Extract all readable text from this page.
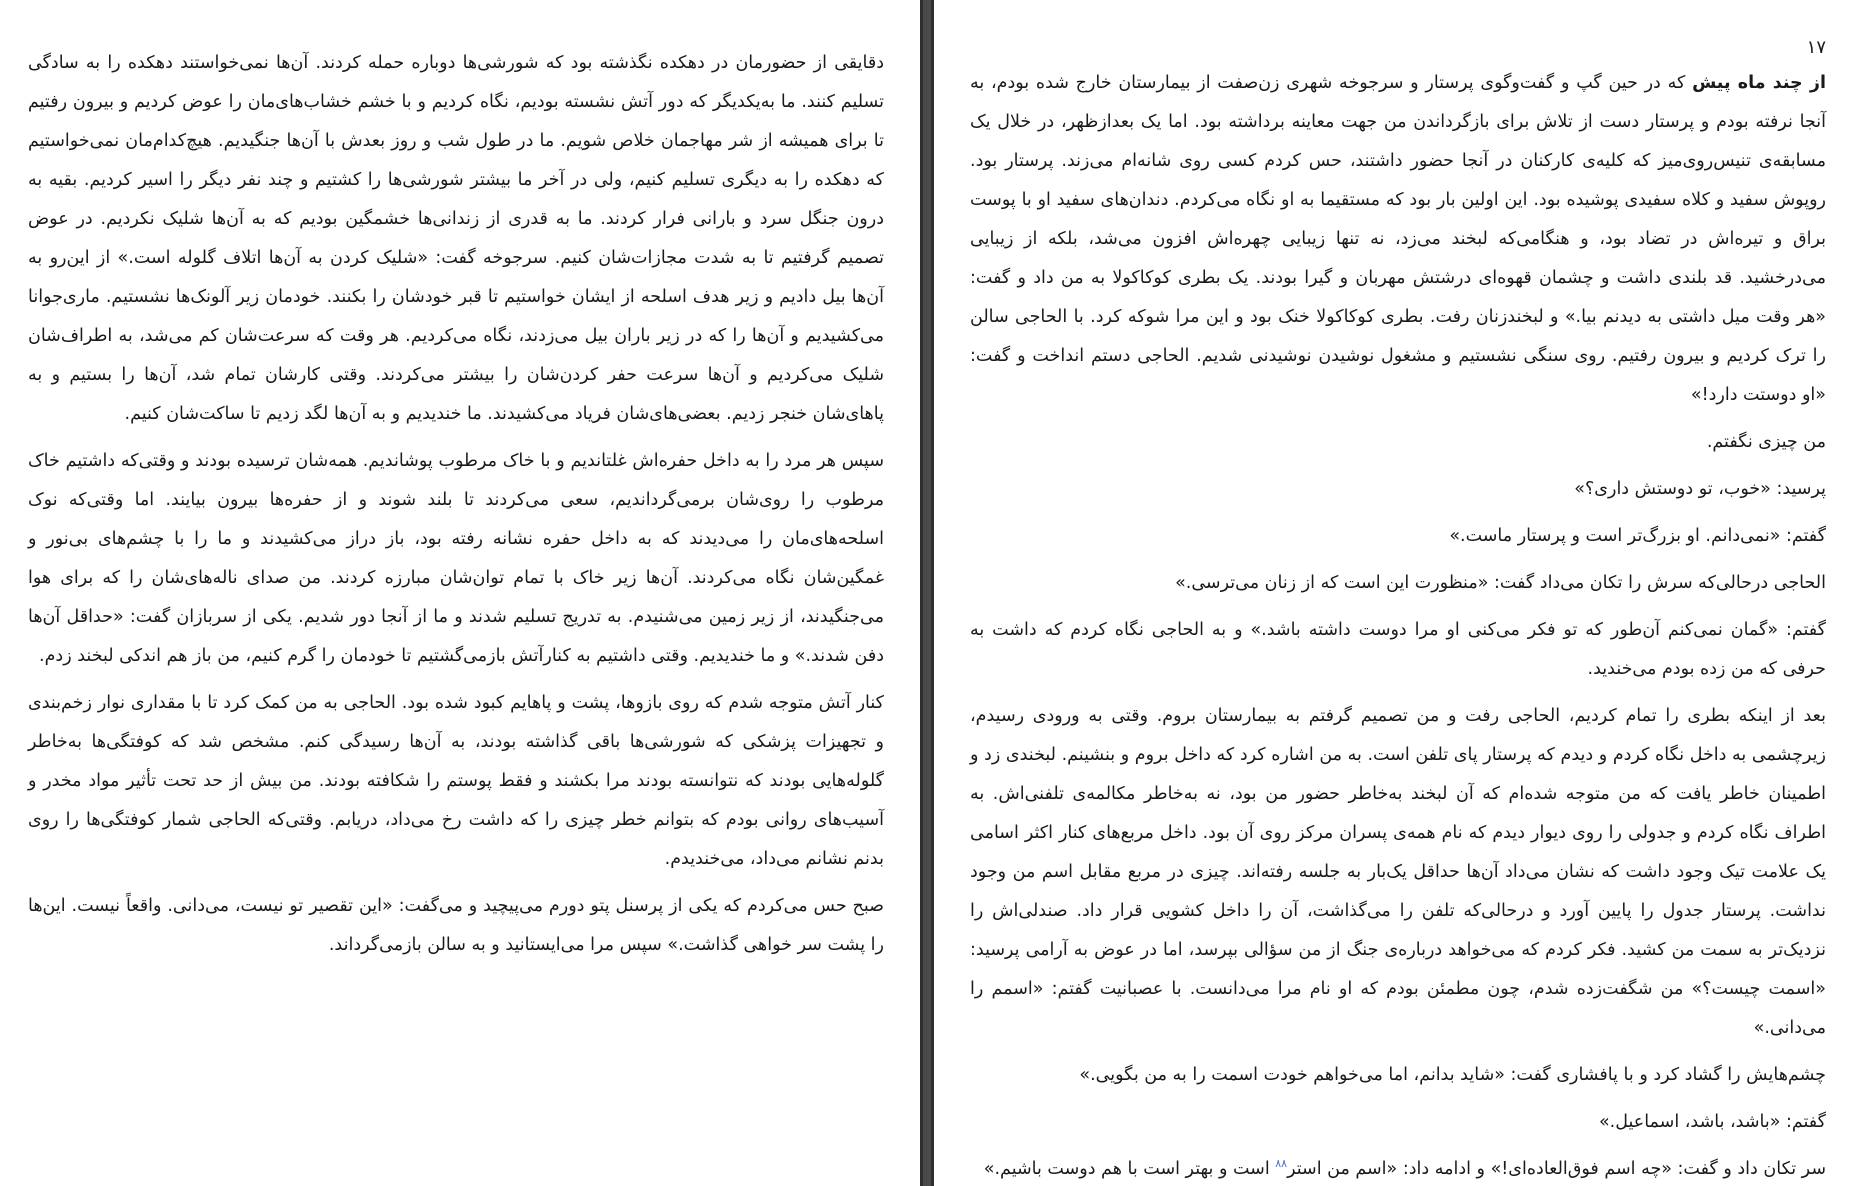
دقایقی از حضورمان در دهکده نگذشته بود که شورشی‌ها دوباره حمله کردند. آن‌ها نمی‌خواستند دهکده را به سادگی تسلیم کنند. ما به‌یکدیگر که دور آتش نشسته بودیم، نگاه کردیم و با خشم خشاب‌های‌مان را عوض کردیم و بیرون رفتیم تا برای همیشه از شر مهاجمان خلاص شویم. ما در طول شب و روز بعدش با آن‌ها جنگیدیم. هیچ‌کدام‌مان نمی‌خواستیم که دهکده را به دیگری تسلیم کنیم، ولی در آخر ما بیشتر شورشی‌ها را کشتیم و چند نفر دیگر را اسیر کردیم. بقیه به درون جنگل سرد و بارانی فرار کردند. ما به قدری از زندانی‌ها خشمگین بودیم که به آن‌ها شلیک نکردیم. در عوض تصمیم گرفتیم تا به شدت مجازات‌شان کنیم. سرجوخه گفت: «شلیک کردن به آن‌ها اتلاف گلوله است.» از این‌رو به آن‌ها بیل دادیم و زیر هدف اسلحه از ایشان خواستیم تا قبر خودشان را بکنند. خودمان زیر آلونک‌ها نشستیم. ماری‌جوانا می‌کشیدیم و آن‌ها را که در زیر باران بیل می‌زدند، نگاه می‌کردیم. هر وقت که سرعت‌شان کم می‌شد، به اطراف‌شان شلیک می‌کردیم و آن‌ها سرعت حفر کردن‌شان را بیشتر می‌کردند. وقتی کارشان تمام شد، آن‌ها را بستیم و به پاهای‌شان خنجر زدیم. بعضی‌های‌شان فریاد می‌کشیدند. ما خندیدیم و به آن‌ها لگد زدیم تا ساکت‌شان کنیم.

سپس هر مرد را به داخل حفره‌اش غلتاندیم و با خاک مرطوب پوشاندیم. همه‌شان ترسیده بودند و وقتی‌که داشتیم خاک مرطوب را روی‌شان برمی‌گرداندیم، سعی می‌کردند تا بلند شوند و از حفره‌ها بیرون بیایند. اما وقتی‌که نوک اسلحه‌های‌مان را می‌دیدند که به داخل حفره نشانه رفته بود، باز دراز می‌کشیدند و ما را با چشم‌های بی‌نور و غمگین‌شان نگاه می‌کردند. آن‌ها زیر خاک با تمام توان‌شان مبارزه کردند. من صدای ناله‌های‌شان را که برای هوا می‌جنگیدند، از زیر زمین می‌شنیدم. به تدریج تسلیم شدند و ما از آنجا دور شدیم. یکی از سربازان گفت: «حداقل آن‌ها دفن شدند.» و ما خندیدیم. وقتی داشتیم به کنارآتش بازمی‌گشتیم تا خودمان را گرم کنیم، من باز هم اندکی لبخند زدم.

کنار آتش متوجه شدم که روی بازوها، پشت و پاهایم کبود شده بود. الحاجی به من کمک کرد تا با مقداری نوار زخم‌بندی و تجهیزات پزشکی که شورشی‌ها باقی گذاشته بودند، به آن‌ها رسیدگی کنم. مشخص شد که کوفتگی‌ها به‌خاطر گلوله‌هایی بودند که نتوانسته بودند مرا بکشند و فقط پوستم را شکافته بودند. من بیش از حد تحت تأثیر مواد مخدر و آسیب‌های روانی بودم که بتوانم خطر چیزی را که داشت رخ می‌داد، دریابم. وقتی‌که الحاجی شمار کوفتگی‌ها را روی بدنم نشانم می‌داد، می‌خندیدم.

صبح حس می‌کردم که یکی از پرسنل پتو دورم می‌پیچید و می‌گفت: «این تقصیر تو نیست، می‌دانی. واقعاً نیست. این‌ها را پشت سر خواهی گذاشت.» سپس مرا می‌ایستانید و به سالن بازمی‌گرداند.

۱۷

از چند ماه پیش که در حین گپ و گفت‌وگوی پرستار و سرجوخه شهری زن‌صفت از بیمارستان خارج شده بودم، به آنجا نرفته بودم و پرستار دست از تلاش برای بازگرداندن من جهت معاینه برداشته بود. اما یک بعدازظهر، در خلال یک مسابقه‌ی تنیس‌روی‌میز که کلیه‌ی کارکنان در آنجا حضور داشتند، حس کردم کسی روی شانه‌ام می‌زند. پرستار بود. روپوش سفید و کلاه سفیدی پوشیده بود. این اولین بار بود که مستقیما به او نگاه می‌کردم. دندان‌های سفید او با پوست براق و تیره‌اش در تضاد بود، و هنگامی‌که لبخند می‌زد، نه تنها زیبایی چهره‌اش افزون می‌شد، بلکه از زیبایی می‌درخشید. قد بلندی داشت و چشمان قهوه‌ای درشتش مهربان و گیرا بودند. یک بطری کوکاکولا به من داد و گفت: «هر وقت میل داشتی به دیدنم بیا.» و لبخندزنان رفت. بطری کوکاکولا خنک بود و این مرا شوکه کرد. با الحاجی سالن را ترک کردیم و بیرون رفتیم. روی سنگی نشستیم و مشغول نوشیدن نوشیدنی شدیم. الحاجی دستم انداخت و گفت: «او دوستت دارد!»

من چیزی نگفتم.

پرسید: «خوب، تو دوستش داری؟»

گفتم: «نمی‌دانم. او بزرگ‌تر است و پرستار ماست.»

الحاجی درحالی‌که سرش را تکان می‌داد گفت: «منظورت این است که از زنان می‌ترسی.»

گفتم: «گمان نمی‌کنم آن‌طور که تو فکر می‌کنی او مرا دوست داشته باشد.» و به الحاجی نگاه کردم که داشت به حرفی که من زده بودم می‌خندید.

بعد از اینکه بطری را تمام کردیم، الحاجی رفت و من تصمیم گرفتم به بیمارستان بروم. وقتی به ورودی رسیدم، زیرچشمی به داخل نگاه کردم و دیدم که پرستار پای تلفن است. به من اشاره کرد که داخل بروم و بنشینم. لبخندی زد و اطمینان خاطر یافت که من متوجه شده‌ام که آن لبخند به‌خاطر حضور من بود، نه به‌خاطر مکالمه‌ی تلفنی‌اش. به اطراف نگاه کردم و جدولی را روی دیوار دیدم که نام همه‌ی پسران مرکز روی آن بود. داخل مربع‌های کنار اکثر اسامی یک علامت تیک وجود داشت که نشان می‌داد آن‌ها حداقل یک‌بار به جلسه رفته‌اند. چیزی در مربع مقابل اسم من وجود نداشت. پرستار جدول را پایین آورد و درحالی‌که تلفن را می‌گذاشت، آن را داخل کشویی قرار داد. صندلی‌اش را نزدیک‌تر به سمت من کشید. فکر کردم که می‌خواهد درباره‌ی جنگ از من سؤالی بپرسد، اما در عوض به آرامی پرسید: «اسمت چیست؟» من شگفت‌زده شدم، چون مطمئن بودم که او نام مرا می‌دانست. با عصبانیت گفتم: «اسمم را می‌دانی.»

چشم‌هایش را گشاد کرد و با پافشاری گفت: «شاید بدانم، اما می‌خواهم خودت اسمت را به من بگویی.»

گفتم: «باشد، باشد، اسماعیل.»

سر تکان داد و گفت: «چه اسم فوق‌العاده‌ای!» و ادامه داد: «اسم من استر$^{۸۸}$ است و بهتر است با هم دوست باشیم.»
